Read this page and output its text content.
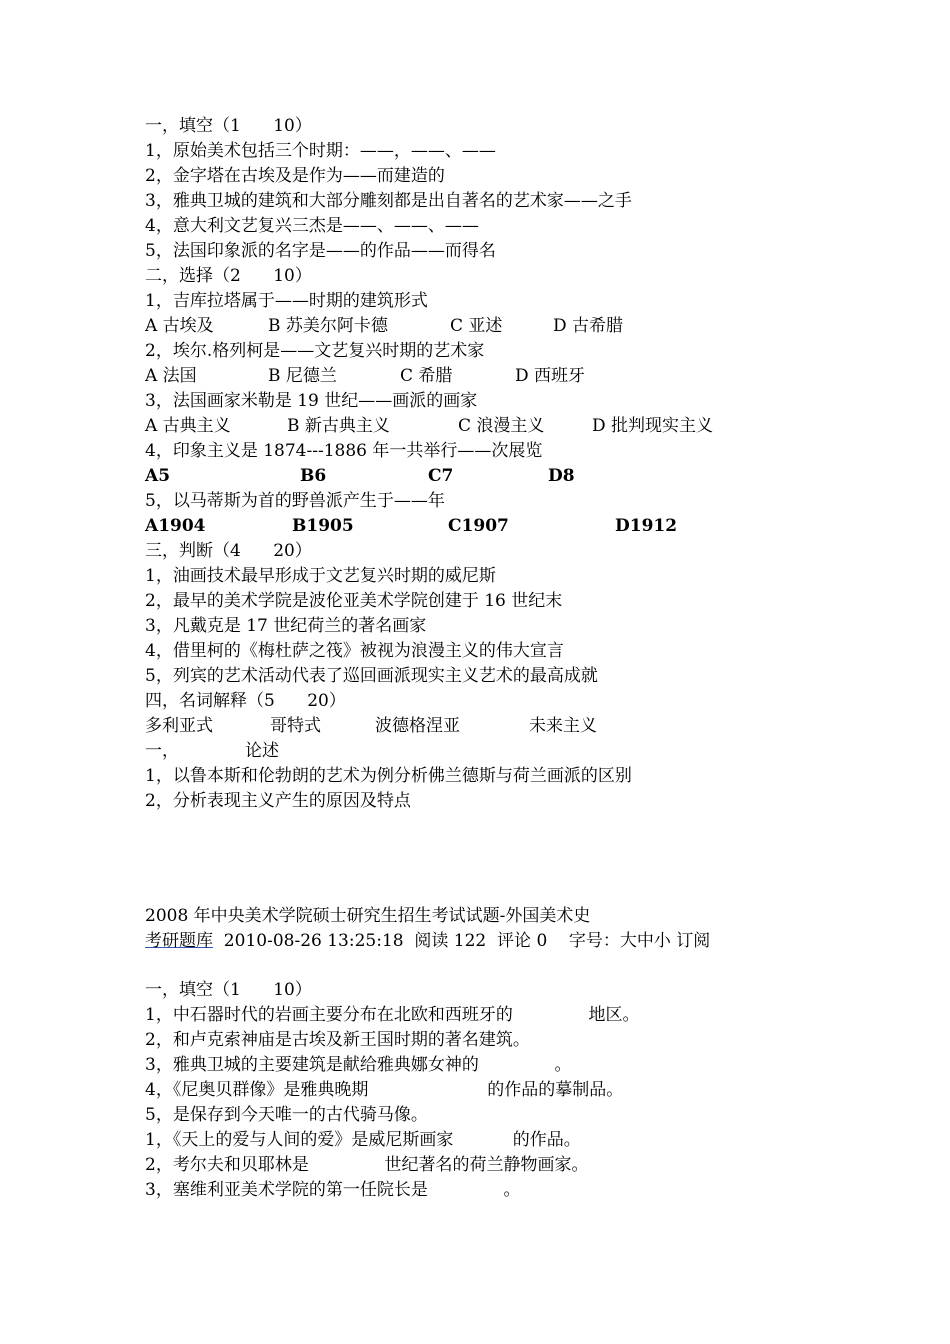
一，填空（1      10）
1，原始美术包括三个时期：——，——、——
2，金字塔在古埃及是作为——而建造的
3，雅典卫城的建筑和大部分雕刻都是出自著名的艺术家——之手
4，意大利文艺复兴三杰是——、——、——
5，法国印象派的名字是——的作品——而得名
二，选择（2      10）
1，吉库拉塔属于——时期的建筑形式
A 古埃及	B 苏美尔阿卡德	C 亚述	D 古希腊
2，埃尔.格列柯是——文艺复兴时期的艺术家
A 法国	B 尼德兰	C 希腊	D 西班牙
3，法国画家米勒是 19 世纪——画派的画家
A 古典主义	B 新古典主义	C 浪漫主义	D 批判现实主义
4，印象主义是 1874---1886 年一共举行——次展览
A5	B6	C7	D8
5，以马蒂斯为首的野兽派产生于——年
A1904	B1905	C1907	D1912
三，判断（4      20）
1，油画技术最早形成于文艺复兴时期的威尼斯
2，最早的美术学院是波伦亚美术学院创建于 16 世纪末
3，凡戴克是 17 世纪荷兰的著名画家
4，借里柯的《梅杜萨之筏》被视为浪漫主义的伟大宣言
5，列宾的艺术活动代表了巡回画派现实主义艺术的最高成就
四，名词解释（5      20）
多利亚式	哥特式	波德格涅亚	未来主义
一，	论述
1，以鲁本斯和伦勃朗的艺术为例分析佛兰德斯与荷兰画派的区别
2，分析表现主义产生的原因及特点
2008 年中央美术学院硕士研究生招生考试试题-外国美术史
考研题库  2010-08-26 13:25:18  阅读 122  评论 0    字号：大中小 订阅
一，填空（1      10）
1，中石器时代的岩画主要分布在北欧和西班牙的              地区。
2，和卢克索神庙是古埃及新王国时期的著名建筑。
3，雅典卫城的主要建筑是献给雅典娜女神的              。
4，《尼奥贝群像》是雅典晚期                      的作品的摹制品。
5，是保存到今天唯一的古代骑马像。
1，《天上的爱与人间的爱》是威尼斯画家           的作品。
2，考尔夫和贝耶林是              世纪著名的荷兰静物画家。
3，塞维利亚美术学院的第一任院长是              。
